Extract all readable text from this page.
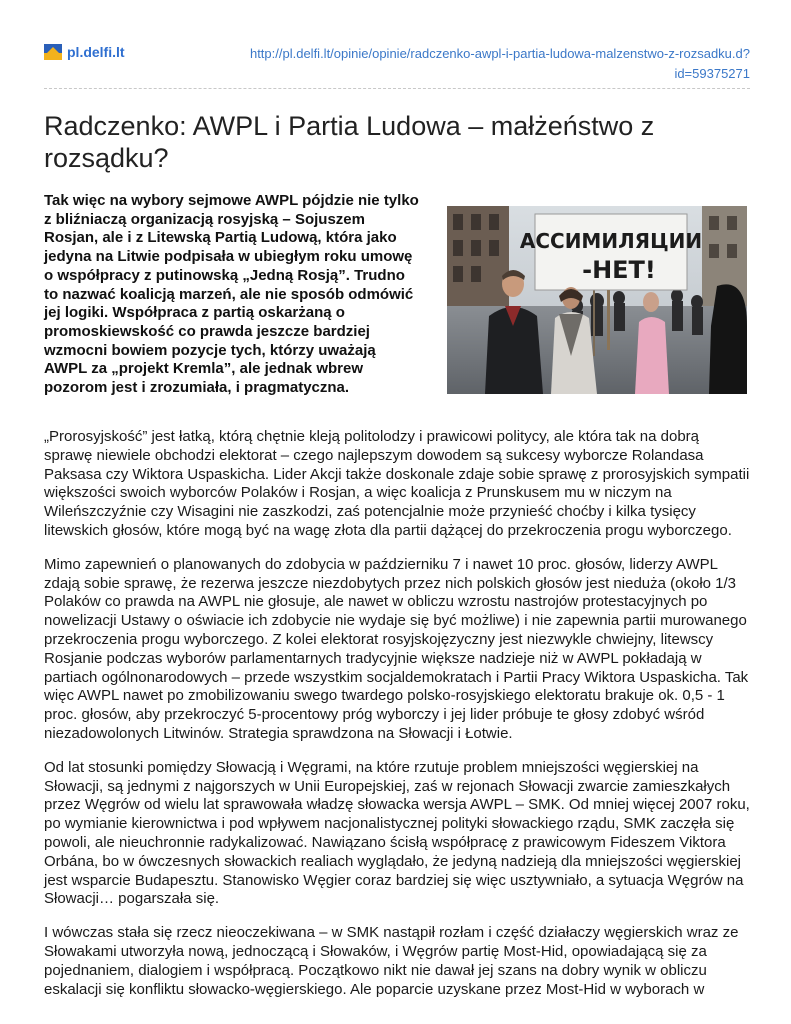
pl.delfi.lt	http://pl.delfi.lt/opinie/opinie/radczenko-awpl-i-partia-ludowa-malzenstwo-z-rozsadku.d?id=59375271
Radczenko: AWPL i Partia Ludowa – małżeństwo z rozsądku?

Tak więc na wybory sejmowe AWPL pójdzie nie tylko z bliźniaczą organizacją rosyjską – Sojuszem Rosjan, ale i z Litewską Partią Ludową, która jako jedyna na Litwie podpisała w ubiegłym roku umowę o współpracy z putinowską „Jedną Rosją”. Trudno to nazwać koalicją marzeń, ale nie sposób odmówić jej logiki. Współpraca z partią oskarżaną o promoskiewskość co prawda jeszcze bardziej wzmocni bowiem pozycje tych, którzy uważają AWPL za „projekt Kremla”, ale jednak wbrew pozorom jest i zrozumiała, i pragmatyczna.

АССИМИЛЯЦИИ
-НЕТ!

„Prorosyjskość” jest łatką, którą chętnie kleją politolodzy i prawicowi politycy, ale która tak na dobrą sprawę niewiele obchodzi elektorat – czego najlepszym dowodem są sukcesy wyborcze Rolandasa Paksasa czy Wiktora Uspaskicha. Lider Akcji także doskonale zdaje sobie sprawę z prorosyjskich sympatii większości swoich wyborców Polaków i Rosjan, a więc koalicja z Prunskusem mu w niczym na Wileńszczyźnie czy Wisagini nie zaszkodzi, zaś potencjalnie może przynieść choćby i kilka tysięcy litewskich głosów, które mogą być na wagę złota dla partii dążącej do przekroczenia progu wyborczego.

Mimo zapewnień o planowanych do zdobycia w październiku 7 i nawet 10 proc. głosów, liderzy AWPL zdają sobie sprawę, że rezerwa jeszcze niezdobytych przez nich polskich głosów jest nieduża (około 1/3 Polaków co prawda na AWPL nie głosuje, ale nawet w obliczu wzrostu nastrojów protestacyjnych po nowelizacji Ustawy o oświacie ich zdobycie nie wydaje się być możliwe) i nie zapewnia partii murowanego przekroczenia progu wyborczego. Z kolei elektorat rosyjskojęzyczny jest niezwykle chwiejny, litewscy Rosjanie podczas wyborów parlamentarnych tradycyjnie większe nadzieje niż w AWPL pokładają w partiach ogólnonarodowych – przede wszystkim socjaldemokratach i Partii Pracy Wiktora Uspaskicha. Tak więc AWPL nawet po zmobilizowaniu swego twardego polsko-rosyjskiego elektoratu brakuje ok. 0,5 - 1 proc. głosów, aby przekroczyć 5-procentowy próg wyborczy i jej lider próbuje te głosy zdobyć wśród niezadowolonych Litwinów. Strategia sprawdzona na Słowacji i Łotwie.

Od lat stosunki pomiędzy Słowacją i Węgrami, na które rzutuje problem mniejszości węgierskiej na Słowacji, są jednymi z najgorszych w Unii Europejskiej, zaś w rejonach Słowacji zwarcie zamieszkałych przez Węgrów od wielu lat sprawowała władzę słowacka wersja AWPL – SMK. Od mniej więcej 2007 roku, po wymianie kierownictwa i pod wpływem nacjonalistycznej polityki słowackiego rządu, SMK zaczęła się powoli, ale nieuchronnie radykalizować. Nawiązano ścisłą współpracę z prawicowym Fideszem Viktora Orbána, bo w ówczesnych słowackich realiach wyglądało, że jedyną nadzieją dla mniejszości węgierskiej jest wsparcie Budapesztu. Stanowisko Węgier coraz bardziej się więc usztywniało, a sytuacja Węgrów na Słowacji… pogarszała się.

I wówczas stała się rzecz nieoczekiwana – w SMK nastąpił rozłam i część działaczy węgierskich wraz ze Słowakami utworzyła nową, jednoczącą i Słowaków, i Węgrów partię Most-Hid, opowiadającą się za pojednaniem, dialogiem i współpracą. Początkowo nikt nie dawał jej szans na dobry wynik w obliczu eskalacji się konfliktu słowacko-węgierskiego. Ale poparcie uzyskane przez Most-Hid w wyborach w
